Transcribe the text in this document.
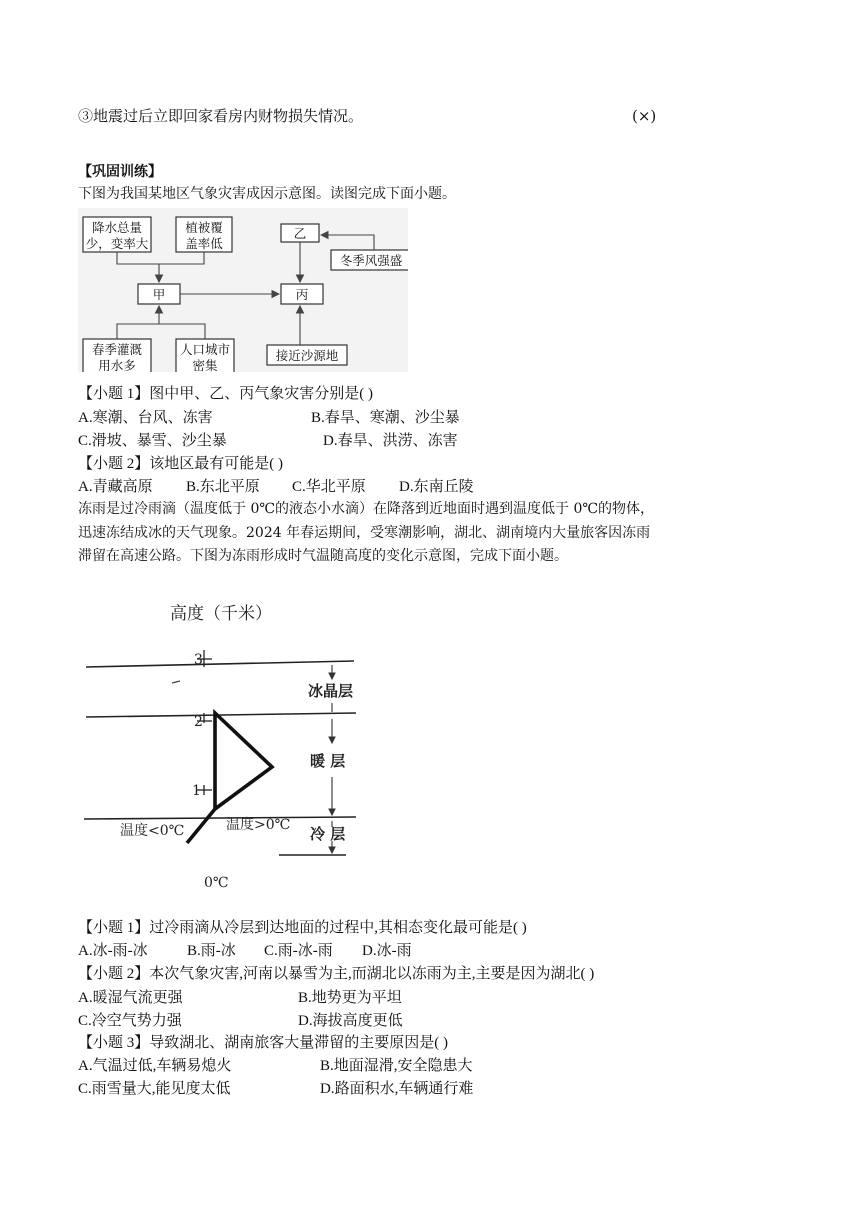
③地震过后立即回家看房内财物损失情况。	(×)
【巩固训练】
下图为我国某地区气象灾害成因示意图。读图完成下面小题。
降水总量
少，变率大
植被覆
盖率低
甲
乙
冬季风强盛
丙
春季灌溉
用水多
人口城市
密集
接近沙源地
【小题 1】图中甲、乙、丙气象灾害分别是( )
A.寒潮、台风、冻害	B.春旱、寒潮、沙尘暴
C.滑坡、暴雪、沙尘暴	D.春旱、洪涝、冻害
【小题 2】该地区最有可能是( )
A.青藏高原 B.东北平原 C.华北平原 D.东南丘陵
冻雨是过冷雨滴（温度低于 0℃的液态小水滴）在降落到近地面时遇到温度低于 0℃的物体，
迅速冻结成冰的天气现象。2024 年春运期间，受寒潮影响，湖北、湖南境内大量旅客因冻雨
滞留在高速公路。下图为冻雨形成时气温随高度的变化示意图，完成下面小题。
高度（千米）
3
2
1
冰晶层
暖 层
冷 层
温度<0℃	温度>0℃
0℃
【小题 1】过冷雨滴从冷层到达地面的过程中,其相态变化最可能是( )
A.冰-雨-冰	B.雨-冰 C.雨-冰-雨 D.冰-雨
【小题 2】本次气象灾害,河南以暴雪为主,而湖北以冻雨为主,主要是因为湖北( )
A.暖湿气流更强	B.地势更为平坦
C.冷空气势力强	D.海拔高度更低
【小题 3】导致湖北、湖南旅客大量滞留的主要原因是( )
A.气温过低,车辆易熄火	B.地面湿滑,安全隐患大
C.雨雪量大,能见度太低	D.路面积水,车辆通行难
